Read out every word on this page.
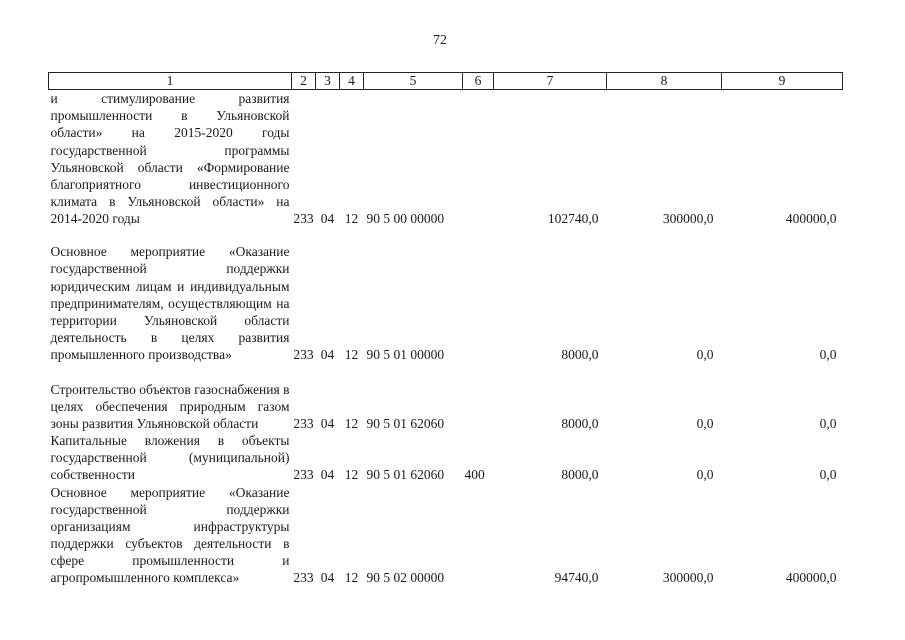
72
1	2	3	4	5	6	7	8	9
и стимулирование развития промышленности в Ульяновской области» на 2015-2020 годы государственной программы Ульяновской области «Формирование благоприятного инвестиционного климата в Ульяновской области» на 2014-2020 годы	233	04	12	90 5 00 00000		102740,0	300000,0	400000,0
Основное мероприятие «Оказание государственной поддержки юридическим лицам и индивидуальным предпринимателям, осуществляющим на территории Ульяновской области деятельность в целях развития промышленного производства»	233	04	12	90 5 01 00000		8000,0	0,0	0,0
Строительство объектов газоснабжения в целях обеспечения природным газом зоны развития Ульяновской области	233	04	12	90 5 01 62060		8000,0	0,0	0,0
Капитальные вложения в объекты государственной (муниципальной) собственности	233	04	12	90 5 01 62060	400	8000,0	0,0	0,0
Основное мероприятие «Оказание государственной поддержки организациям инфраструктуры поддержки субъектов деятельности в сфере промышленности и агропромышленного комплекса»	233	04	12	90 5 02 00000		94740,0	300000,0	400000,0
